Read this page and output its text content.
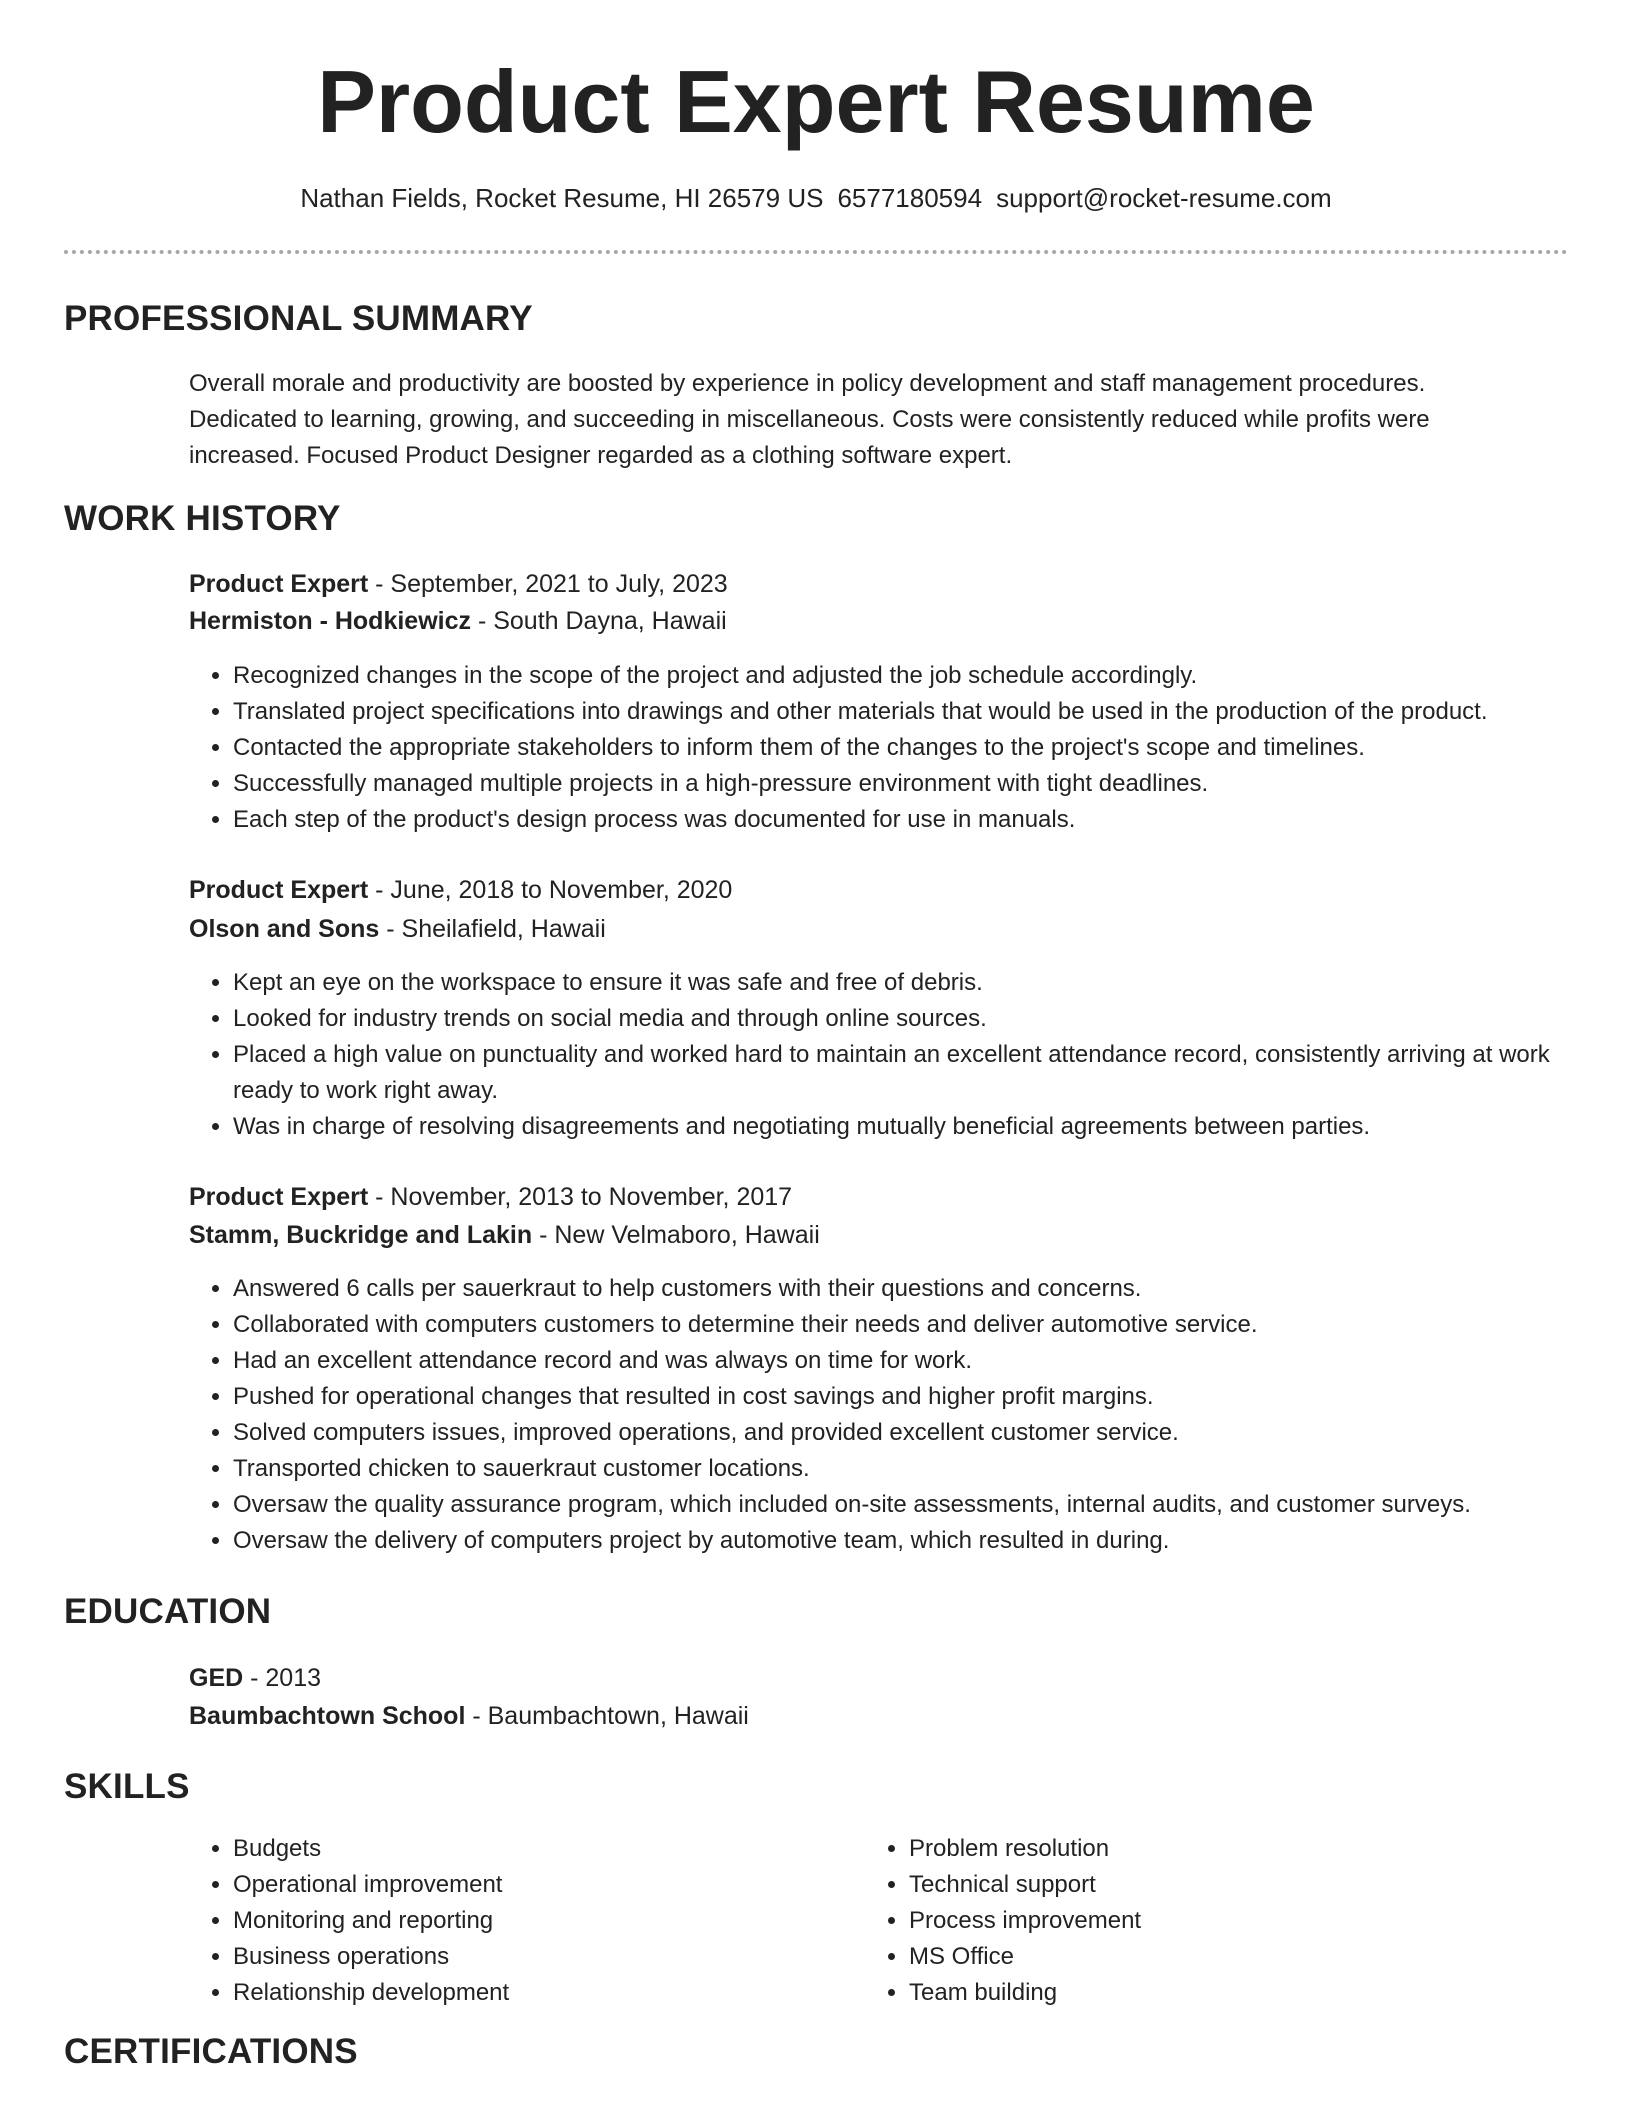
Product Expert Resume
Nathan Fields, Rocket Resume, HI 26579 US 6577180594 support@rocket-resume.com
PROFESSIONAL SUMMARY

Overall morale and productivity are boosted by experience in policy development and staff management procedures. Dedicated to learning, growing, and succeeding in miscellaneous. Costs were consistently reduced while profits were increased. Focused Product Designer regarded as a clothing software expert.

WORK HISTORY
Product Expert - September, 2021 to July, 2023
Hermiston - Hodkiewicz - South Dayna, Hawaii
• Recognized changes in the scope of the project and adjusted the job schedule accordingly.
• Translated project specifications into drawings and other materials that would be used in the production of the product.
• Contacted the appropriate stakeholders to inform them of the changes to the project's scope and timelines.
• Successfully managed multiple projects in a high-pressure environment with tight deadlines.
• Each step of the product's design process was documented for use in manuals.
Product Expert - June, 2018 to November, 2020
Olson and Sons - Sheilafield, Hawaii
• Kept an eye on the workspace to ensure it was safe and free of debris.
• Looked for industry trends on social media and through online sources.
• Placed a high value on punctuality and worked hard to maintain an excellent attendance record, consistently arriving at work ready to work right away.
• Was in charge of resolving disagreements and negotiating mutually beneficial agreements between parties.
Product Expert - November, 2013 to November, 2017
Stamm, Buckridge and Lakin - New Velmaboro, Hawaii
• Answered 6 calls per sauerkraut to help customers with their questions and concerns.
• Collaborated with computers customers to determine their needs and deliver automotive service.
• Had an excellent attendance record and was always on time for work.
• Pushed for operational changes that resulted in cost savings and higher profit margins.
• Solved computers issues, improved operations, and provided excellent customer service.
• Transported chicken to sauerkraut customer locations.
• Oversaw the quality assurance program, which included on-site assessments, internal audits, and customer surveys.
• Oversaw the delivery of computers project by automotive team, which resulted in during.
EDUCATION
GED - 2013
Baumbachtown School - Baumbachtown, Hawaii
SKILLS
• Budgets
• Operational improvement
• Monitoring and reporting
• Business operations
• Relationship development
• Problem resolution
• Technical support
• Process improvement
• MS Office
• Team building
CERTIFICATIONS
